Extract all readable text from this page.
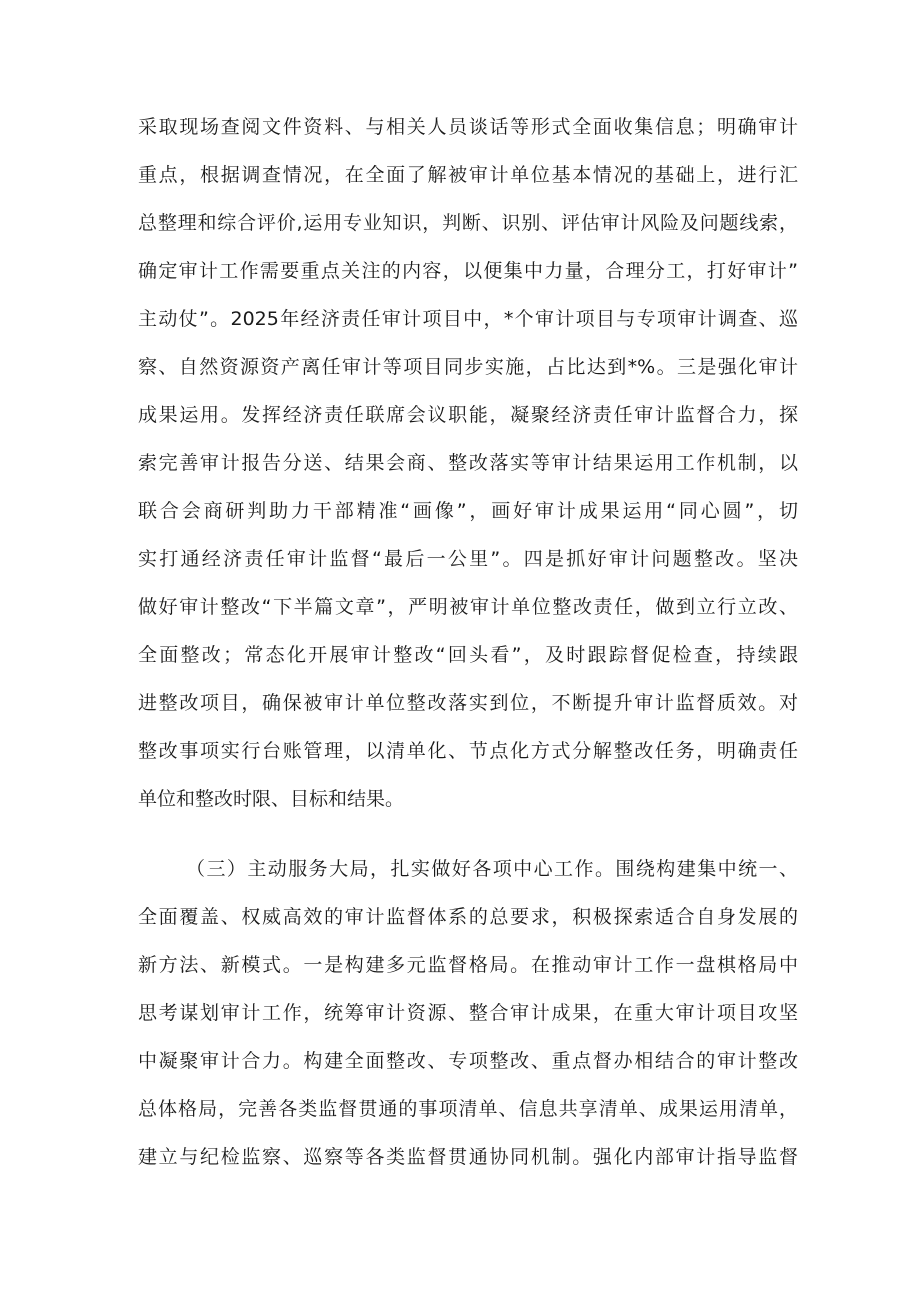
采取现场查阅文件资料、与相关人员谈话等形式全面收集信息；明确审计
重点，根据调查情况，在全面了解被审计单位基本情况的基础上，进行汇
总整理和综合评价,运用专业知识，判断、识别、评估审计风险及问题线索，
确定审计工作需要重点关注的内容，以便集中力量，合理分工，打好审计”
主动仗”。2025年经济责任审计项目中，*个审计项目与专项审计调查、巡
察、自然资源资产离任审计等项目同步实施，占比达到*%。三是强化审计
成果运用。发挥经济责任联席会议职能，凝聚经济责任审计监督合力，探
索完善审计报告分送、结果会商、整改落实等审计结果运用工作机制，以
联合会商研判助力干部精准“画像”，画好审计成果运用“同心圆”，切
实打通经济责任审计监督“最后一公里”。四是抓好审计问题整改。坚决
做好审计整改“下半篇文章”，严明被审计单位整改责任，做到立行立改、
全面整改；常态化开展审计整改“回头看”，及时跟踪督促检查，持续跟
进整改项目，确保被审计单位整改落实到位，不断提升审计监督质效。对
整改事项实行台账管理，以清单化、节点化方式分解整改任务，明确责任
单位和整改时限、目标和结果。
（三）主动服务大局，扎实做好各项中心工作。围绕构建集中统一、
全面覆盖、权威高效的审计监督体系的总要求，积极探索适合自身发展的
新方法、新模式。一是构建多元监督格局。在推动审计工作一盘棋格局中
思考谋划审计工作，统筹审计资源、整合审计成果，在重大审计项目攻坚
中凝聚审计合力。构建全面整改、专项整改、重点督办相结合的审计整改
总体格局，完善各类监督贯通的事项清单、信息共享清单、成果运用清单，
建立与纪检监察、巡察等各类监督贯通协同机制。强化内部审计指导监督
